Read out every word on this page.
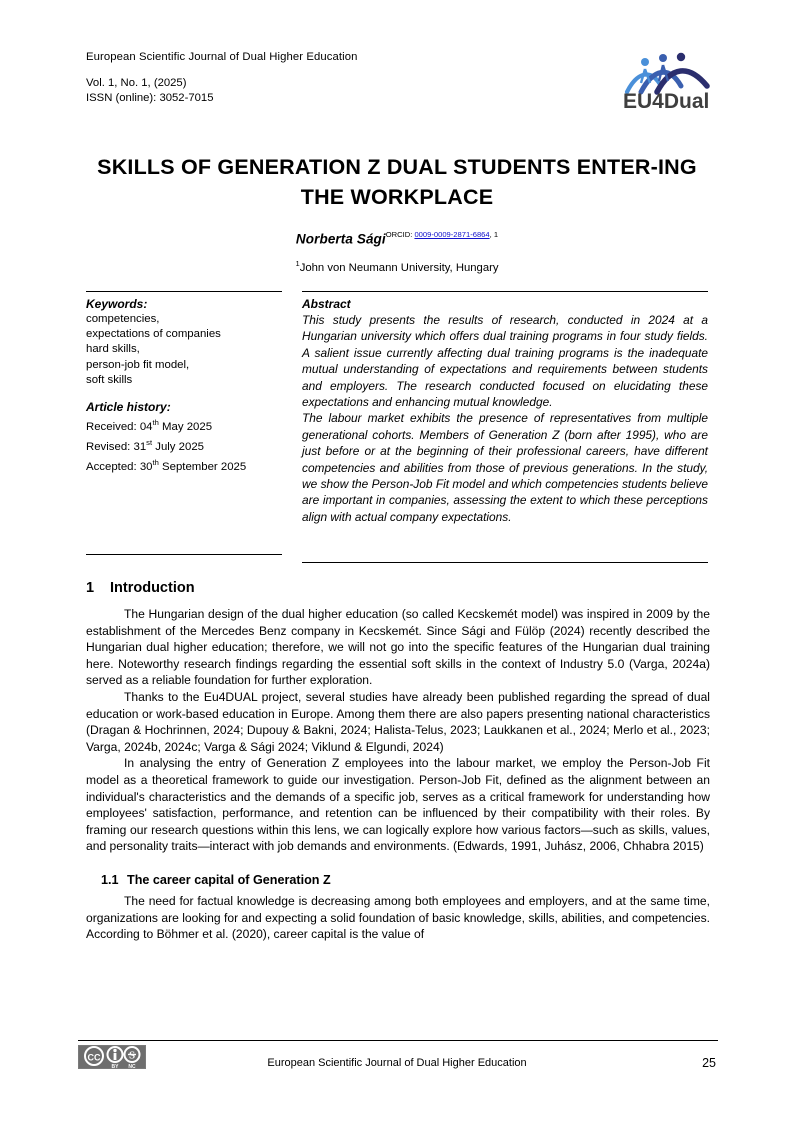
European Scientific Journal of Dual Higher Education
Vol. 1, No. 1, (2025)
ISSN (online): 3052-7015	EU4Dual
SKILLS OF GENERATION Z DUAL STUDENTS ENTER-ING THE WORKPLACE
Norberta Sági$^{ORCID: 0009-0009-2871-6864, 1}$
$^1$John von Neumann University, Hungary
Keywords:
competencies,
expectations of companies
hard skills,
person-job fit model,
soft skills
Article history:
Received: 04th May 2025
Revised: 31st July 2025
Accepted: 30th September 2025
Abstract

This study presents the results of research, conducted in 2024 at a Hungarian university which offers dual training programs in four study fields. A salient issue currently affecting dual training programs is the inadequate mutual understanding of expectations and requirements between students and employers. The research conducted focused on elucidating these expectations and enhancing mutual knowledge.

The labour market exhibits the presence of representatives from multiple generational cohorts. Members of Generation Z (born after 1995), who are just before or at the beginning of their professional careers, have different competencies and abilities from those of previous generations. In the study, we show the Person-Job Fit model and which competencies students believe are important in companies, assessing the extent to which these perceptions align with actual company expectations.

1 Introduction

The Hungarian design of the dual higher education (so called Kecskemét model) was inspired in 2009 by the establishment of the Mercedes Benz company in Kecskemét. Since Sági and Fülöp (2024) recently described the Hungarian dual higher education; therefore, we will not go into the specific features of the Hungarian dual training here. Noteworthy research findings regarding the essential soft skills in the context of Industry 5.0 (Varga, 2024a) served as a reliable foundation for further exploration.

Thanks to the Eu4DUAL project, several studies have already been published regarding the spread of dual education or work-based education in Europe. Among them there are also papers presenting national characteristics (Dragan & Hochrinnen, 2024; Dupouy & Bakni, 2024; Halista-Telus, 2023; Laukkanen et al., 2024; Merlo et al., 2023; Varga, 2024b, 2024c; Varga & Sági 2024; Viklund & Elgundi, 2024)

In analysing the entry of Generation Z employees into the labour market, we employ the Person-Job Fit model as a theoretical framework to guide our investigation. Person-Job Fit, defined as the alignment between an individual's characteristics and the demands of a specific job, serves as a critical framework for understanding how employees' satisfaction, performance, and retention can be influenced by their compatibility with their roles. By framing our research questions within this lens, we can logically explore how various factors—such as skills, values, and personality traits—interact with job demands and environments. (Edwards, 1991, Juhász, 2006, Chhabra 2015)

1.1 The career capital of Generation Z

The need for factual knowledge is decreasing among both employees and employers, and at the same time, organizations are looking for and expecting a solid foundation of basic knowledge, skills, abilities, and competencies. According to Böhmer et al. (2020), career capital is the value of

CC
BY
S
NC	European Scientific Journal of Dual Higher Education	25
